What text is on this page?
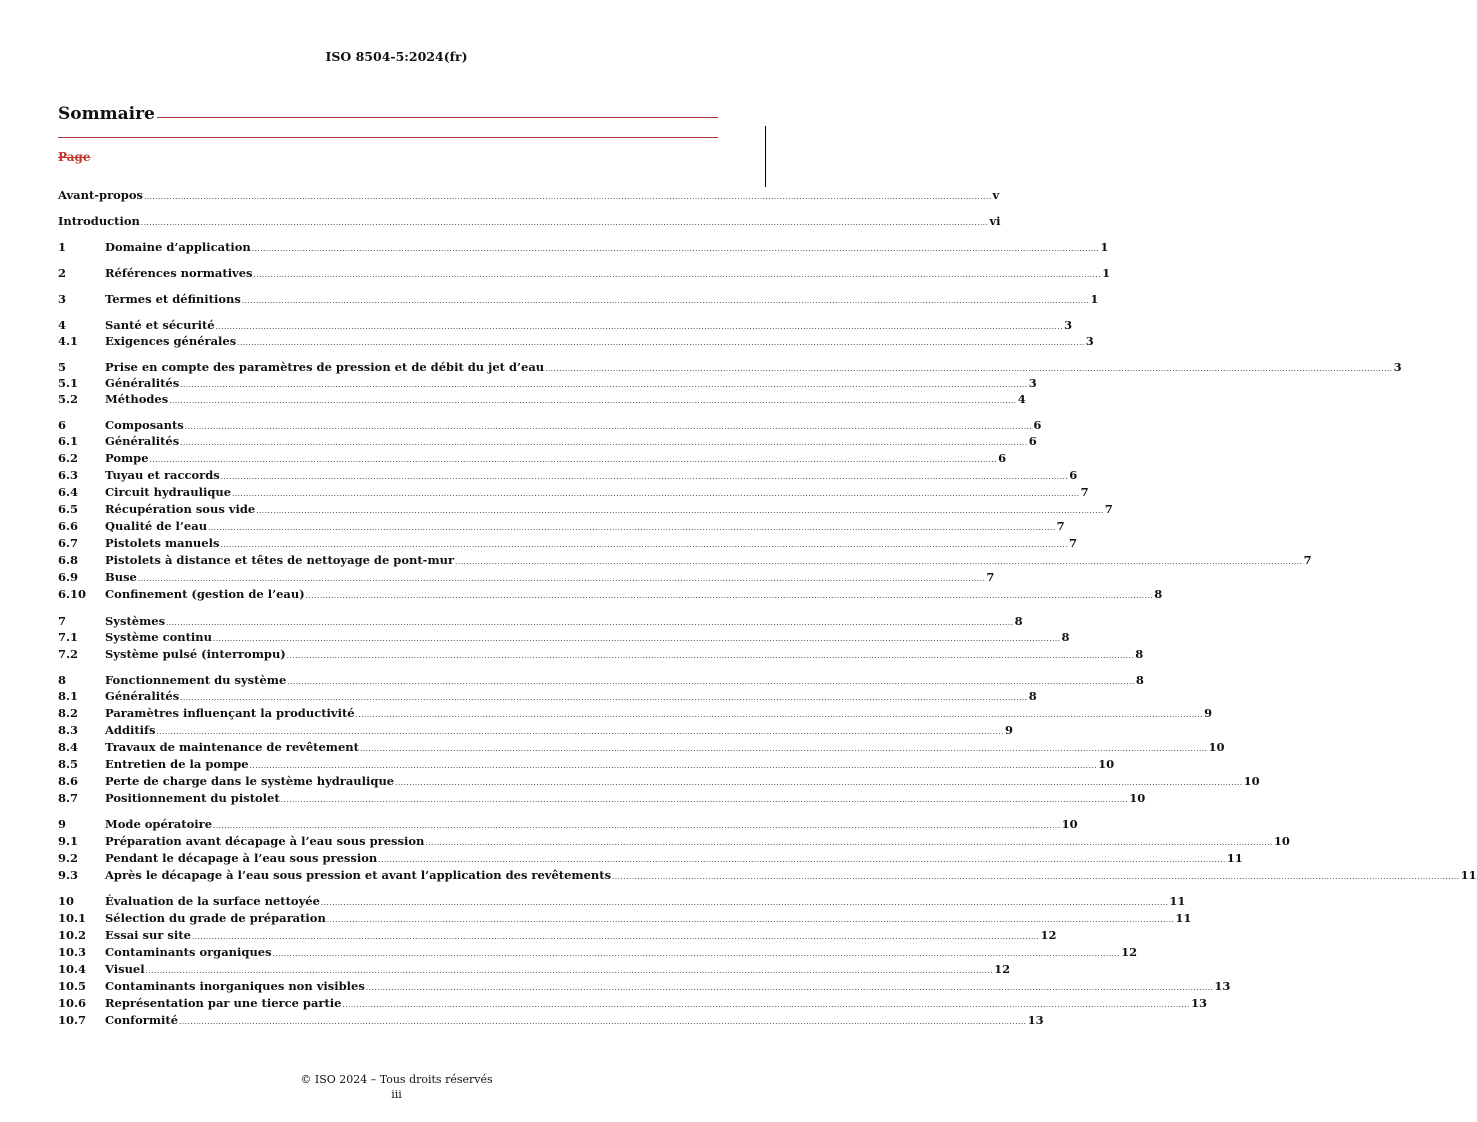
ISO 8504-5:2024(fr)
Sommaire
Page
Avant-propos ............................................................................................................................................................................................................................................................................................................ v
Introduction ............................................................................................................................................................................................................................................................................................................ vi
1	Domaine d’application ............................................................................................................................................................................................................................................................................................................ 1
2	Références normatives ............................................................................................................................................................................................................................................................................................................ 1
3	Termes et définitions ............................................................................................................................................................................................................................................................................................................ 1
4	Santé et sécurité ............................................................................................................................................................................................................................................................................................................ 3
4.1	Exigences générales ............................................................................................................................................................................................................................................................................................................ 3
5	Prise en compte des paramètres de pression et de débit du jet d’eau ............................................................................................................................................................................................................................................................................................................ 3
5.1	Généralités ............................................................................................................................................................................................................................................................................................................ 3
5.2	Méthodes ............................................................................................................................................................................................................................................................................................................ 4
6	Composants ............................................................................................................................................................................................................................................................................................................ 6
6.1	Généralités ............................................................................................................................................................................................................................................................................................................ 6
6.2	Pompe ............................................................................................................................................................................................................................................................................................................ 6
6.3	Tuyau et raccords ............................................................................................................................................................................................................................................................................................................ 6
6.4	Circuit hydraulique ............................................................................................................................................................................................................................................................................................................ 7
6.5	Récupération sous vide ............................................................................................................................................................................................................................................................................................................ 7
6.6	Qualité de l’eau ............................................................................................................................................................................................................................................................................................................ 7
6.7	Pistolets manuels ............................................................................................................................................................................................................................................................................................................ 7
6.8	Pistolets à distance et têtes de nettoyage de pont-mur ............................................................................................................................................................................................................................................................................................................ 7
6.9	Buse ............................................................................................................................................................................................................................................................................................................ 7
6.10	Confinement (gestion de l’eau) ............................................................................................................................................................................................................................................................................................................ 8
7	Systèmes ............................................................................................................................................................................................................................................................................................................ 8
7.1	Système continu ............................................................................................................................................................................................................................................................................................................ 8
7.2	Système pulsé (interrompu) ............................................................................................................................................................................................................................................................................................................ 8
8	Fonctionnement du système ............................................................................................................................................................................................................................................................................................................ 8
8.1	Généralités ............................................................................................................................................................................................................................................................................................................ 8
8.2	Paramètres influençant la productivité ............................................................................................................................................................................................................................................................................................................ 9
8.3	Additifs ............................................................................................................................................................................................................................................................................................................ 9
8.4	Travaux de maintenance de revêtement ............................................................................................................................................................................................................................................................................................................ 10
8.5	Entretien de la pompe ............................................................................................................................................................................................................................................................................................................ 10
8.6	Perte de charge dans le système hydraulique ............................................................................................................................................................................................................................................................................................................ 10
8.7	Positionnement du pistolet ............................................................................................................................................................................................................................................................................................................ 10
9	Mode opératoire ............................................................................................................................................................................................................................................................................................................ 10
9.1	Préparation avant décapage à l’eau sous pression ............................................................................................................................................................................................................................................................................................................ 10
9.2	Pendant le décapage à l’eau sous pression ............................................................................................................................................................................................................................................................................................................ 11
9.3	Après le décapage à l’eau sous pression et avant l’application des revêtements ............................................................................................................................................................................................................................................................................................................ 11
10	Évaluation de la surface nettoyée ............................................................................................................................................................................................................................................................................................................ 11
10.1	Sélection du grade de préparation ............................................................................................................................................................................................................................................................................................................ 11
10.2	Essai sur site ............................................................................................................................................................................................................................................................................................................ 12
10.3	Contaminants organiques ............................................................................................................................................................................................................................................................................................................ 12
10.4	Visuel ............................................................................................................................................................................................................................................................................................................ 12
10.5	Contaminants inorganiques non visibles ............................................................................................................................................................................................................................................................................................................ 13
10.6	Représentation par une tierce partie ............................................................................................................................................................................................................................................................................................................ 13
10.7	Conformité ............................................................................................................................................................................................................................................................................................................ 13
© ISO 2024 – Tous droits réservés
iii
